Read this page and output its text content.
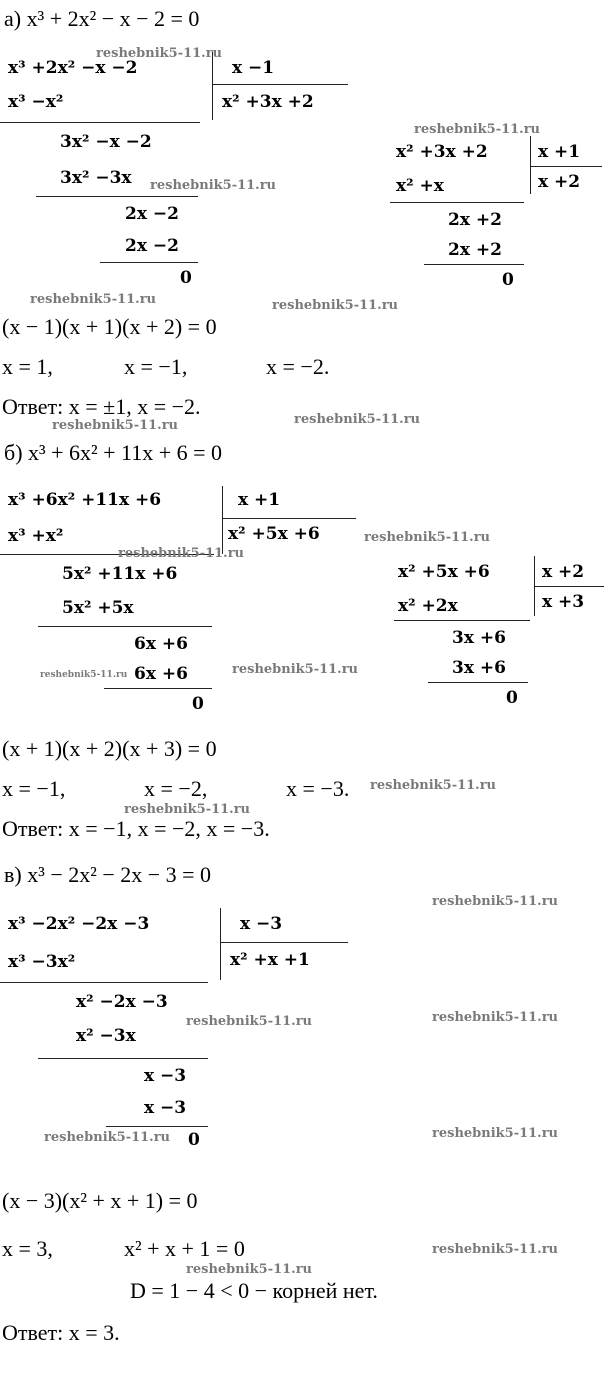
а) x³ + 2x² − x − 2 = 0
x³ +2x² −x −2	x −1
x² +3x +2
x³ −x²
3x² −x −2
3x² −3x
2x −2
2x −2
0
x² +3x +2	x +1
x +2
x² +x
2x +2
2x +2
0
(x − 1)(x + 1)(x + 2) = 0
x = 1,	x = −1,	x = −2.
Ответ: x = ±1, x = −2.
б) x³ + 6x² + 11x + 6 = 0
x³ +6x² +11x +6	x +1
x² +5x +6
x³ +x²
5x² +11x +6
5x² +5x
6x +6
6x +6
0
x² +5x +6	x +2
x +3
x² +2x
3x +6
3x +6
0
(x + 1)(x + 2)(x + 3) = 0
x = −1,	x = −2,	x = −3.
Ответ: x = −1, x = −2, x = −3.
в) x³ − 2x² − 2x − 3 = 0
x³ −2x² −2x −3	x −3
x² +x +1
x³ −3x²
x² −2x −3
x² −3x
x −3
x −3
0
(x − 3)(x² + x + 1) = 0
x = 3,	x² + x + 1 = 0
D = 1 − 4 < 0 − корней нет.
Ответ: x = 3.
reshebnik5-11.ru
reshebnik5-11.ru
reshebnik5-11.ru
reshebnik5-11.ru	reshebnik5-11.ru
reshebnik5-11.ru
reshebnik5-11.ru
reshebnik5-11.ru
reshebnik5-11.ru
reshebnik5-11.ru	reshebnik5-11.ru
reshebnik5-11.ru
reshebnik5-11.ru
reshebnik5-11.ru
reshebnik5-11.ru	reshebnik5-11.ru
reshebnik5-11.ru	reshebnik5-11.ru
reshebnik5-11.ru
reshebnik5-11.ru
